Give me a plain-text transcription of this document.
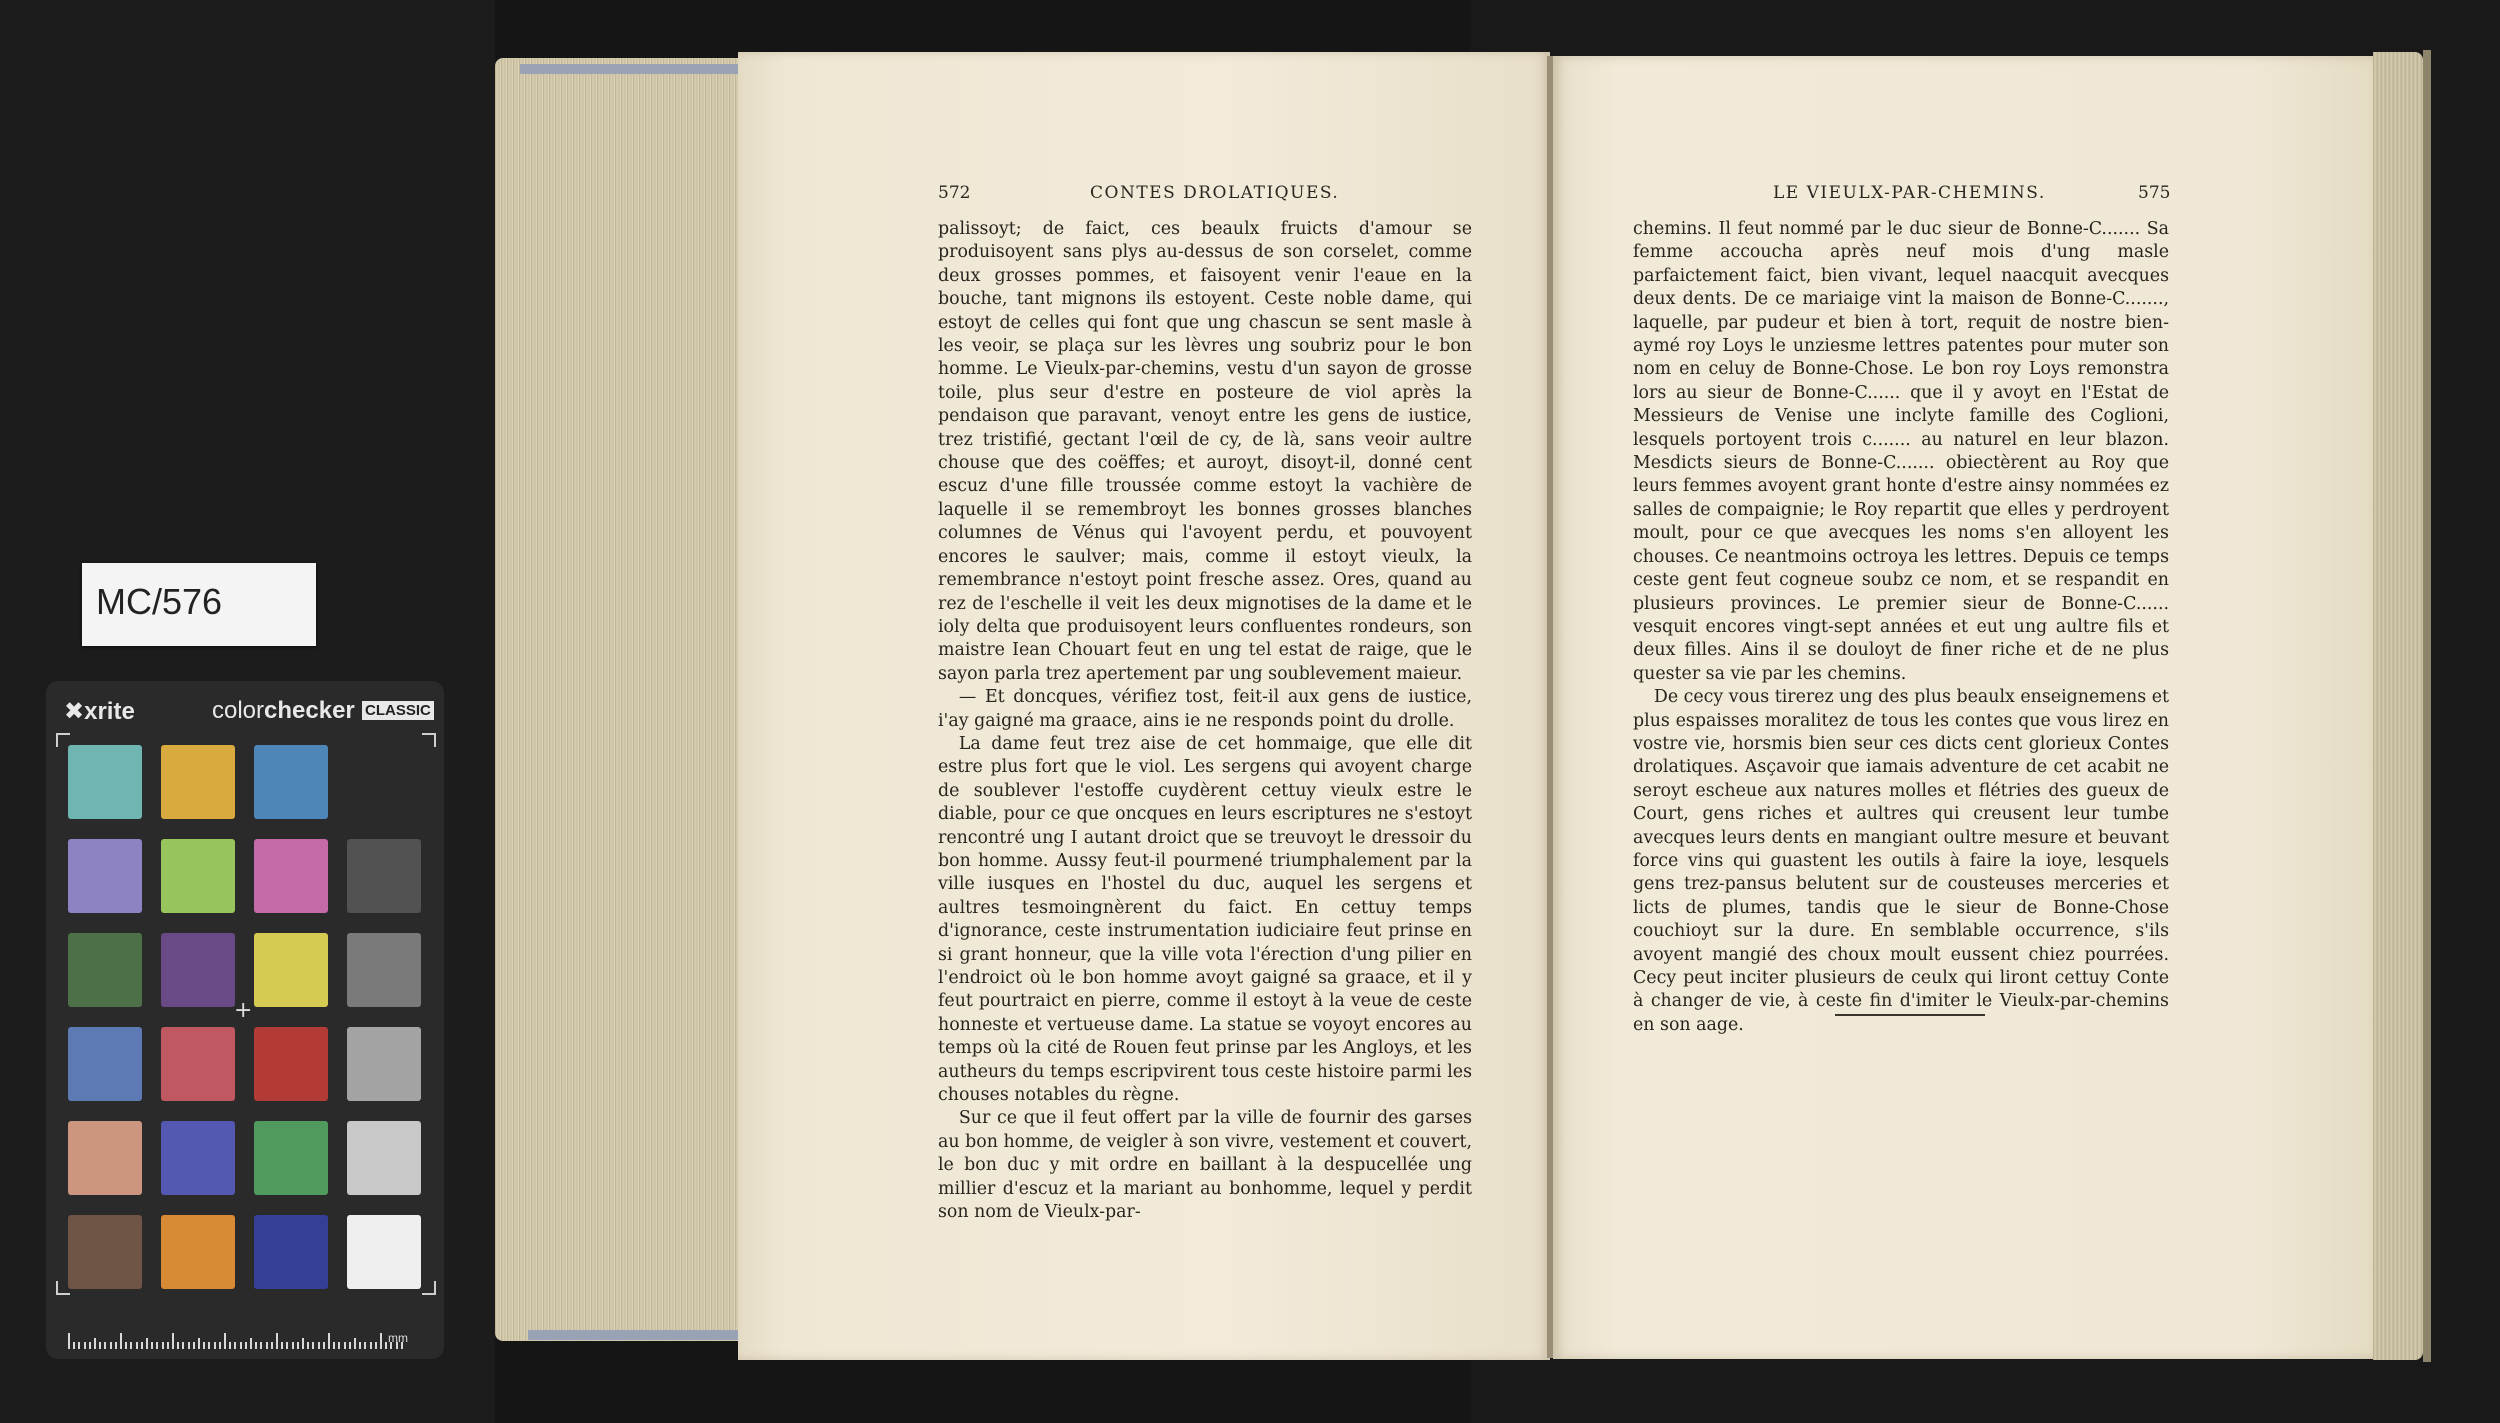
MC/576
✖xrite	colorchecker CLASSIC
+
mm
572	CONTES DROLATIQUES.

palissoyt; de faict, ces beaulx fruicts d'amour se produisoyent sans plys au-dessus de son corselet, comme deux grosses pommes, et faisoyent venir l'eaue en la bouche, tant mignons ils estoyent. Ceste noble dame, qui estoyt de celles qui font que ung chascun se sent masle à les veoir, se plaça sur les lèvres ung soubriz pour le bon homme. Le Vieulx-par-chemins, vestu d'un sayon de grosse toile, plus seur d'estre en posteure de viol après la pendaison que paravant, venoyt entre les gens de iustice, trez tristifié, gectant l'œil de cy, de là, sans veoir aultre chouse que des coëffes; et auroyt, disoyt-il, donné cent escuz d'une fille troussée comme estoyt la vachière de laquelle il se remembroyt les bonnes grosses blanches columnes de Vénus qui l'avoyent perdu, et pouvoyent encores le saulver; mais, comme il estoyt vieulx, la remembrance n'estoyt point fresche assez. Ores, quand au rez de l'eschelle il veit les deux mignotises de la dame et le ioly delta que produisoyent leurs confluentes rondeurs, son maistre Iean Chouart feut en ung tel estat de raige, que le sayon parla trez apertement par ung soublevement maieur.

— Et doncques, vérifiez tost, feit-il aux gens de iustice, i'ay gaigné ma graace, ains ie ne responds point du drolle.

La dame feut trez aise de cet hommaige, que elle dit estre plus fort que le viol. Les sergens qui avoyent charge de soublever l'estoffe cuydèrent cettuy vieulx estre le diable, pour ce que oncques en leurs escriptures ne s'estoyt rencontré ung I autant droict que se treuvoyt le dressoir du bon homme. Aussy feut-il pourmené triumphalement par la ville iusques en l'hostel du duc, auquel les sergens et aultres tesmoingnèrent du faict. En cettuy temps d'ignorance, ceste instrumentation iudiciaire feut prinse en si grant honneur, que la ville vota l'érection d'ung pilier en l'endroict où le bon homme avoyt gaigné sa graace, et il y feut pourtraict en pierre, comme il estoyt à la veue de ceste honneste et vertueuse dame. La statue se voyoyt encores au temps où la cité de Rouen feut prinse par les Angloys, et les autheurs du temps escripvirent tous ceste histoire parmi les chouses notables du règne.

Sur ce que il feut offert par la ville de fournir des garses au bon homme, de veigler à son vivre, vestement et couvert, le bon duc y mit ordre en baillant à la despucellée ung millier d'escuz et la mariant au bonhomme, lequel y perdit son nom de Vieulx-par-

LE VIEULX-PAR-CHEMINS.	575

chemins. Il feut nommé par le duc sieur de Bonne-C....... Sa femme accoucha après neuf mois d'ung masle parfaictement faict, bien vivant, lequel naacquit avecques deux dents. De ce mariaige vint la maison de Bonne-C......., laquelle, par pudeur et bien à tort, requit de nostre bien-aymé roy Loys le unziesme lettres patentes pour muter son nom en celuy de Bonne-Chose. Le bon roy Loys remonstra lors au sieur de Bonne-C...... que il y avoyt en l'Estat de Messieurs de Venise une inclyte famille des Coglioni, lesquels portoyent trois c....... au naturel en leur blazon. Mesdicts sieurs de Bonne-C....... obiectèrent au Roy que leurs femmes avoyent grant honte d'estre ainsy nommées ez salles de compaignie; le Roy repartit que elles y perdroyent moult, pour ce que avecques les noms s'en alloyent les chouses. Ce neantmoins octroya les lettres. Depuis ce temps ceste gent feut cogneue soubz ce nom, et se respandit en plusieurs provinces. Le premier sieur de Bonne-C...... vesquit encores vingt-sept années et eut ung aultre fils et deux filles. Ains il se douloyt de finer riche et de ne plus quester sa vie par les chemins.

De cecy vous tirerez ung des plus beaulx enseignemens et plus espaisses moralitez de tous les contes que vous lirez en vostre vie, horsmis bien seur ces dicts cent glorieux Contes drolatiques. Asçavoir que iamais adventure de cet acabit ne seroyt escheue aux natures molles et flétries des gueux de Court, gens riches et aultres qui creusent leur tumbe avecques leurs dents en mangiant oultre mesure et beuvant force vins qui guastent les outils à faire la ioye, lesquels gens trez-pansus belutent sur de cousteuses merceries et licts de plumes, tandis que le sieur de Bonne-Chose couchioyt sur la dure. En semblable occurrence, s'ils avoyent mangié des choux moult eussent chiez pourrées. Cecy peut inciter plusieurs de ceulx qui liront cettuy Conte à changer de vie, à ceste fin d'imiter le Vieulx-par-chemins en son aage.
